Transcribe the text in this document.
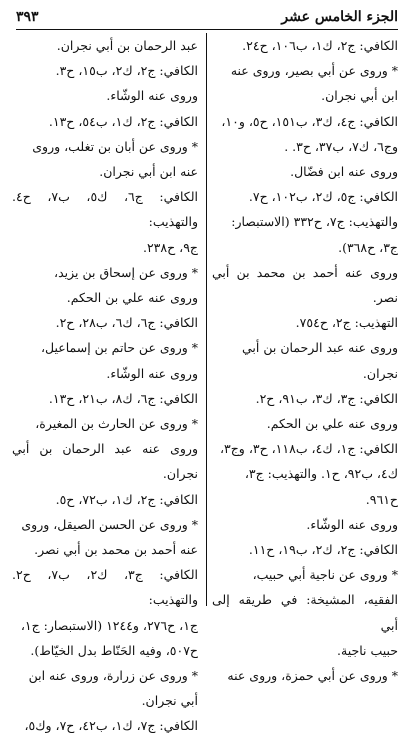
الجزء الخامس عشر
٣٩٣

الكافي: ج٢، ك١، ب١٠٦، ح٢٤.

* وروى عن أبي بصير، وروى عنه

ابن أبي نجران.

الكافي: ج٤، ك٣، ب١٥١، ح٥، و١٠،

وج٦، ك٧، ب٣٧، ح٣. .

وروى عنه ابن فضّال.

الكافي: ج٥، ك٢، ب١٠٢، ح٧.

والتهذيب: ج٧، ح٣٣٢ (الاستبصار:

ج٣، ح٣٦٨).

وروى عنه أحمد بن محمد بن أبي نصر.

التهذيب: ج٢، ح٧٥٤.

وروى عنه عبد الرحمان بن أبي

نجران.

الكافي: ج٣، ك٣، ب٩١، ح٢.

وروى عنه علي بن الحكم.

الكافي: ج١، ك٤، ب١١٨، ح٣، وج٣،

ك٤، ب٩٢، ح١. والتهذيب: ج٣،

ح٩٦١.

وروى عنه الوشّاء.

الكافي: ج٢، ك٢، ب١٩، ح١١.

* وروى عن ناجية أبي حبيب،

الفقيه، المشيخة: في طريقه إلى أبي

حبيب ناجية.

* وروى عن أبي حمزة، وروى عنه

عبد الرحمان بن أبي نجران.

الكافي: ج٢، ك٢، ب١٥، ح٣.

وروى عنه الوشّاء.

الكافي: ج٢، ك١، ب٥٤، ح١٣.

* وروى عن أبان بن تغلب، وروى

عنه ابن أبي نجران.

الكافي: ج٦، ك٥، ب٧، ح٤. والتهذيب:

ج٩، ح٢٣٨.

* وروى عن إسحاق بن يزيد،

وروى عنه علي بن الحكم.

الكافي: ج٦، ك٦، ب٢٨، ح٢.

* وروى عن حاتم بن إسماعيل،

وروى عنه الوشّاء.

الكافي: ج٦، ك٨، ب٢١، ح١٣.

* وروى عن الحارث بن المغيرة،

وروى عنه عبد الرحمان بن أبي نجران.

الكافي: ج٢، ك١، ب٧٢، ح٥.

* وروى عن الحسن الصيقل، وروى

عنه أحمد بن محمد بن أبي نصر.

الكافي: ج٣، ك٢، ب٧، ح٢. والتهذيب:

ج١، ح٢٧٦، و١٢٤٤ (الاستبصار: ج١،

ح٥٠٧، وفيه الحَنّاط بدل الخيّاط).

* وروى عن زرارة، وروى عنه ابن

أبي نجران.

الكافي: ج٧، ك١، ب٤٢، ح٧، وك٥،
